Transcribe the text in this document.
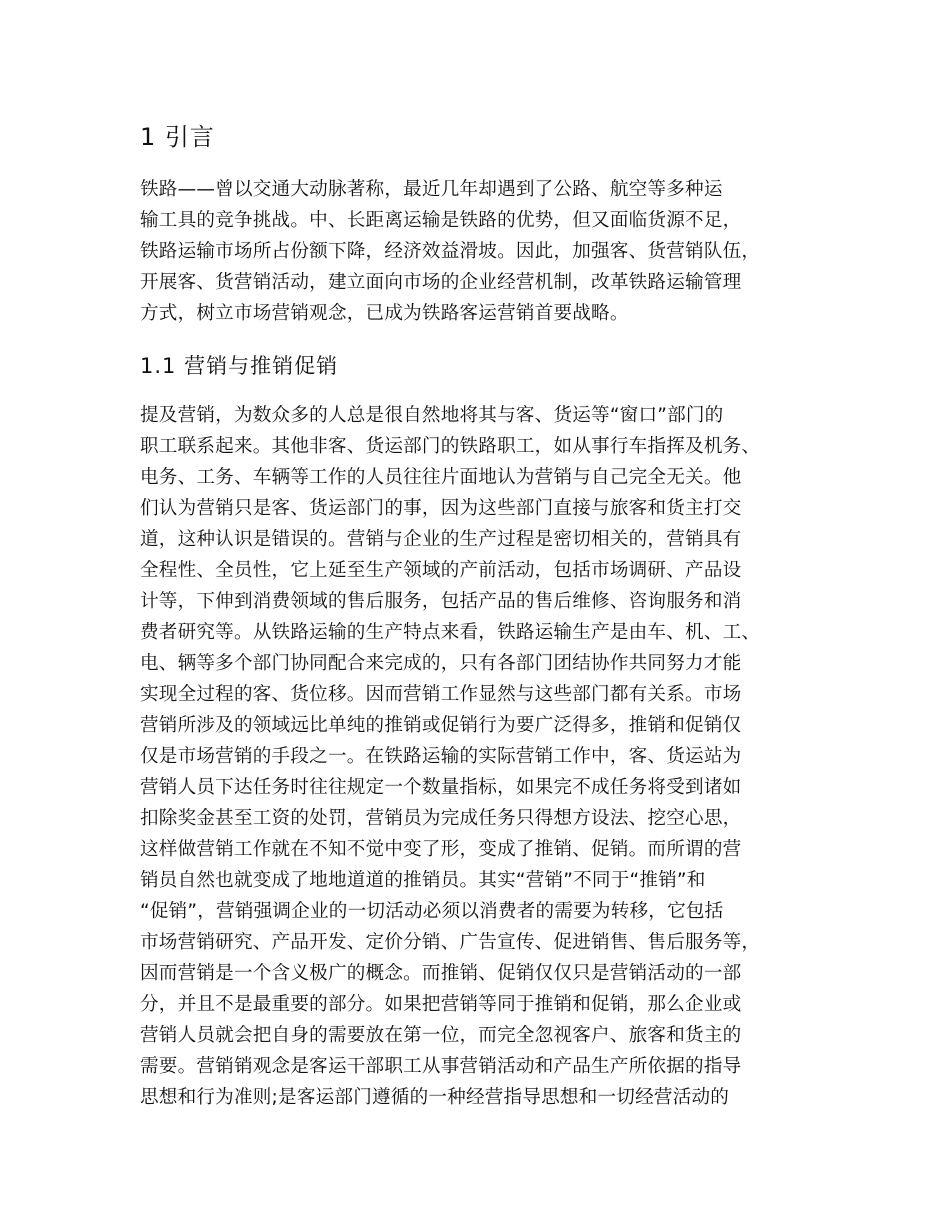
1 引言
铁路——曾以交通大动脉著称，最近几年却遇到了公路、航空等多种运
输工具的竞争挑战。中、长距离运输是铁路的优势，但又面临货源不足，
铁路运输市场所占份额下降，经济效益滑坡。因此，加强客、货营销队伍，
开展客、货营销活动，建立面向市场的企业经营机制，改革铁路运输管理
方式，树立市场营销观念，已成为铁路客运营销首要战略。
1.1 营销与推销促销
提及营销，为数众多的人总是很自然地将其与客、货运等“窗口”部门的
职工联系起来。其他非客、货运部门的铁路职工，如从事行车指挥及机务、
电务、工务、车辆等工作的人员往往片面地认为营销与自己完全无关。他
们认为营销只是客、货运部门的事，因为这些部门直接与旅客和货主打交
道，这种认识是错误的。营销与企业的生产过程是密切相关的，营销具有
全程性、全员性，它上延至生产领域的产前活动，包括市场调研、产品设
计等，下伸到消费领域的售后服务，包括产品的售后维修、咨询服务和消
费者研究等。从铁路运输的生产特点来看，铁路运输生产是由车、机、工、
电、辆等多个部门协同配合来完成的，只有各部门团结协作共同努力才能
实现全过程的客、货位移。因而营销工作显然与这些部门都有关系。市场
营销所涉及的领域远比单纯的推销或促销行为要广泛得多，推销和促销仅
仅是市场营销的手段之一。在铁路运输的实际营销工作中，客、货运站为
营销人员下达任务时往往规定一个数量指标，如果完不成任务将受到诸如
扣除奖金甚至工资的处罚，营销员为完成任务只得想方设法、挖空心思，
这样做营销工作就在不知不觉中变了形，变成了推销、促销。而所谓的营
销员自然也就变成了地地道道的推销员。其实“营销”不同于“推销”和
“促销”，营销强调企业的一切活动必须以消费者的需要为转移，它包括
市场营销研究、产品开发、定价分销、广告宣传、促进销售、售后服务等，
因而营销是一个含义极广的概念。而推销、促销仅仅只是营销活动的一部
分，并且不是最重要的部分。如果把营销等同于推销和促销，那么企业或
营销人员就会把自身的需要放在第一位，而完全忽视客户、旅客和货主的
需要。营销销观念是客运干部职工从事营销活动和产品生产所依据的指导
思想和行为准则;是客运部门遵循的一种经营指导思想和一切经营活动的
